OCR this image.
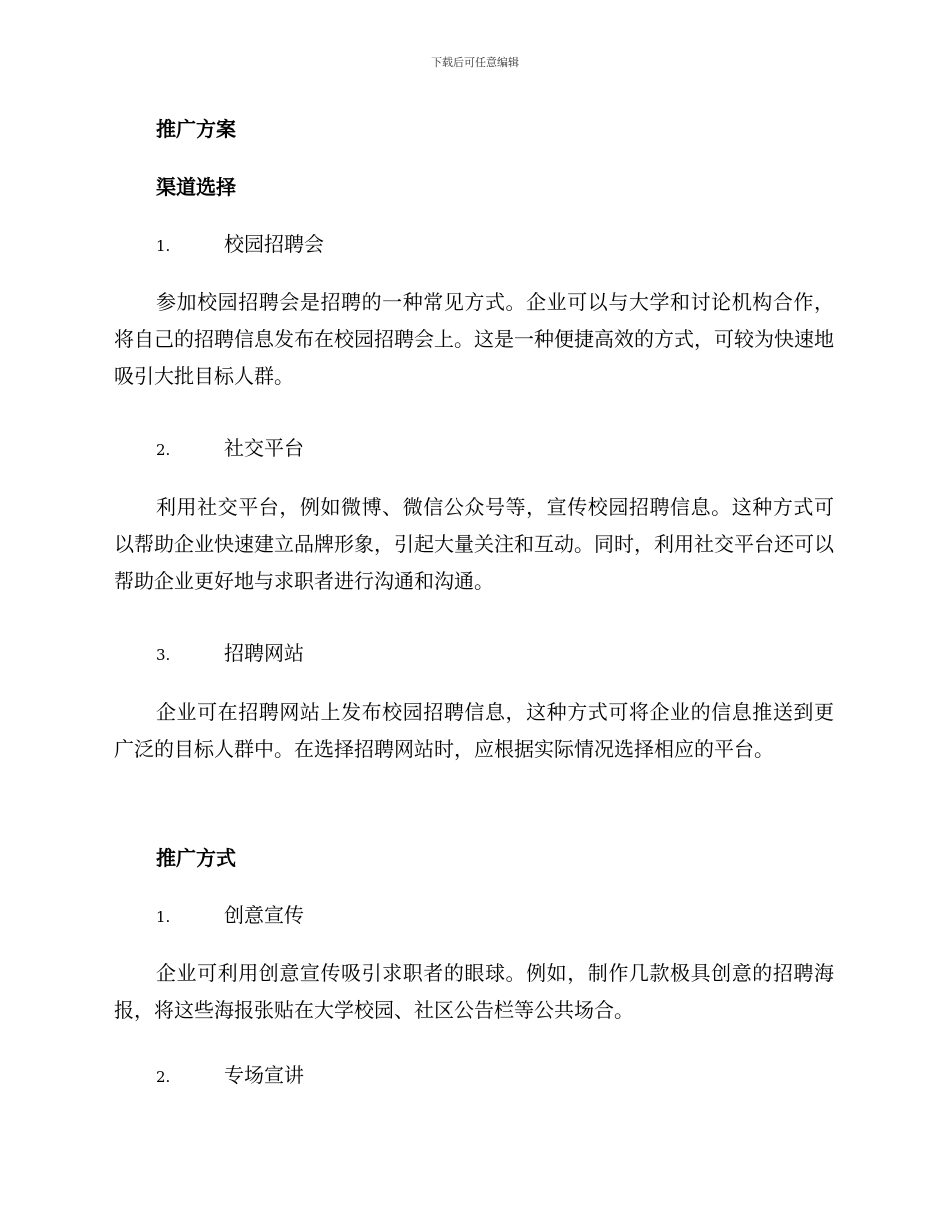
下载后可任意编辑
推广方案
渠道选择
1.	校园招聘会
参加校园招聘会是招聘的一种常见方式。企业可以与大学和讨论机构合作，将自己的招聘信息发布在校园招聘会上。这是一种便捷高效的方式，可较为快速地吸引大批目标人群。
2.	社交平台
利用社交平台，例如微博、微信公众号等，宣传校园招聘信息。这种方式可以帮助企业快速建立品牌形象，引起大量关注和互动。同时，利用社交平台还可以帮助企业更好地与求职者进行沟通和沟通。
3.	招聘网站
企业可在招聘网站上发布校园招聘信息，这种方式可将企业的信息推送到更广泛的目标人群中。在选择招聘网站时，应根据实际情况选择相应的平台。
推广方式
1.	创意宣传
企业可利用创意宣传吸引求职者的眼球。例如，制作几款极具创意的招聘海报，将这些海报张贴在大学校园、社区公告栏等公共场合。
2.	专场宣讲
